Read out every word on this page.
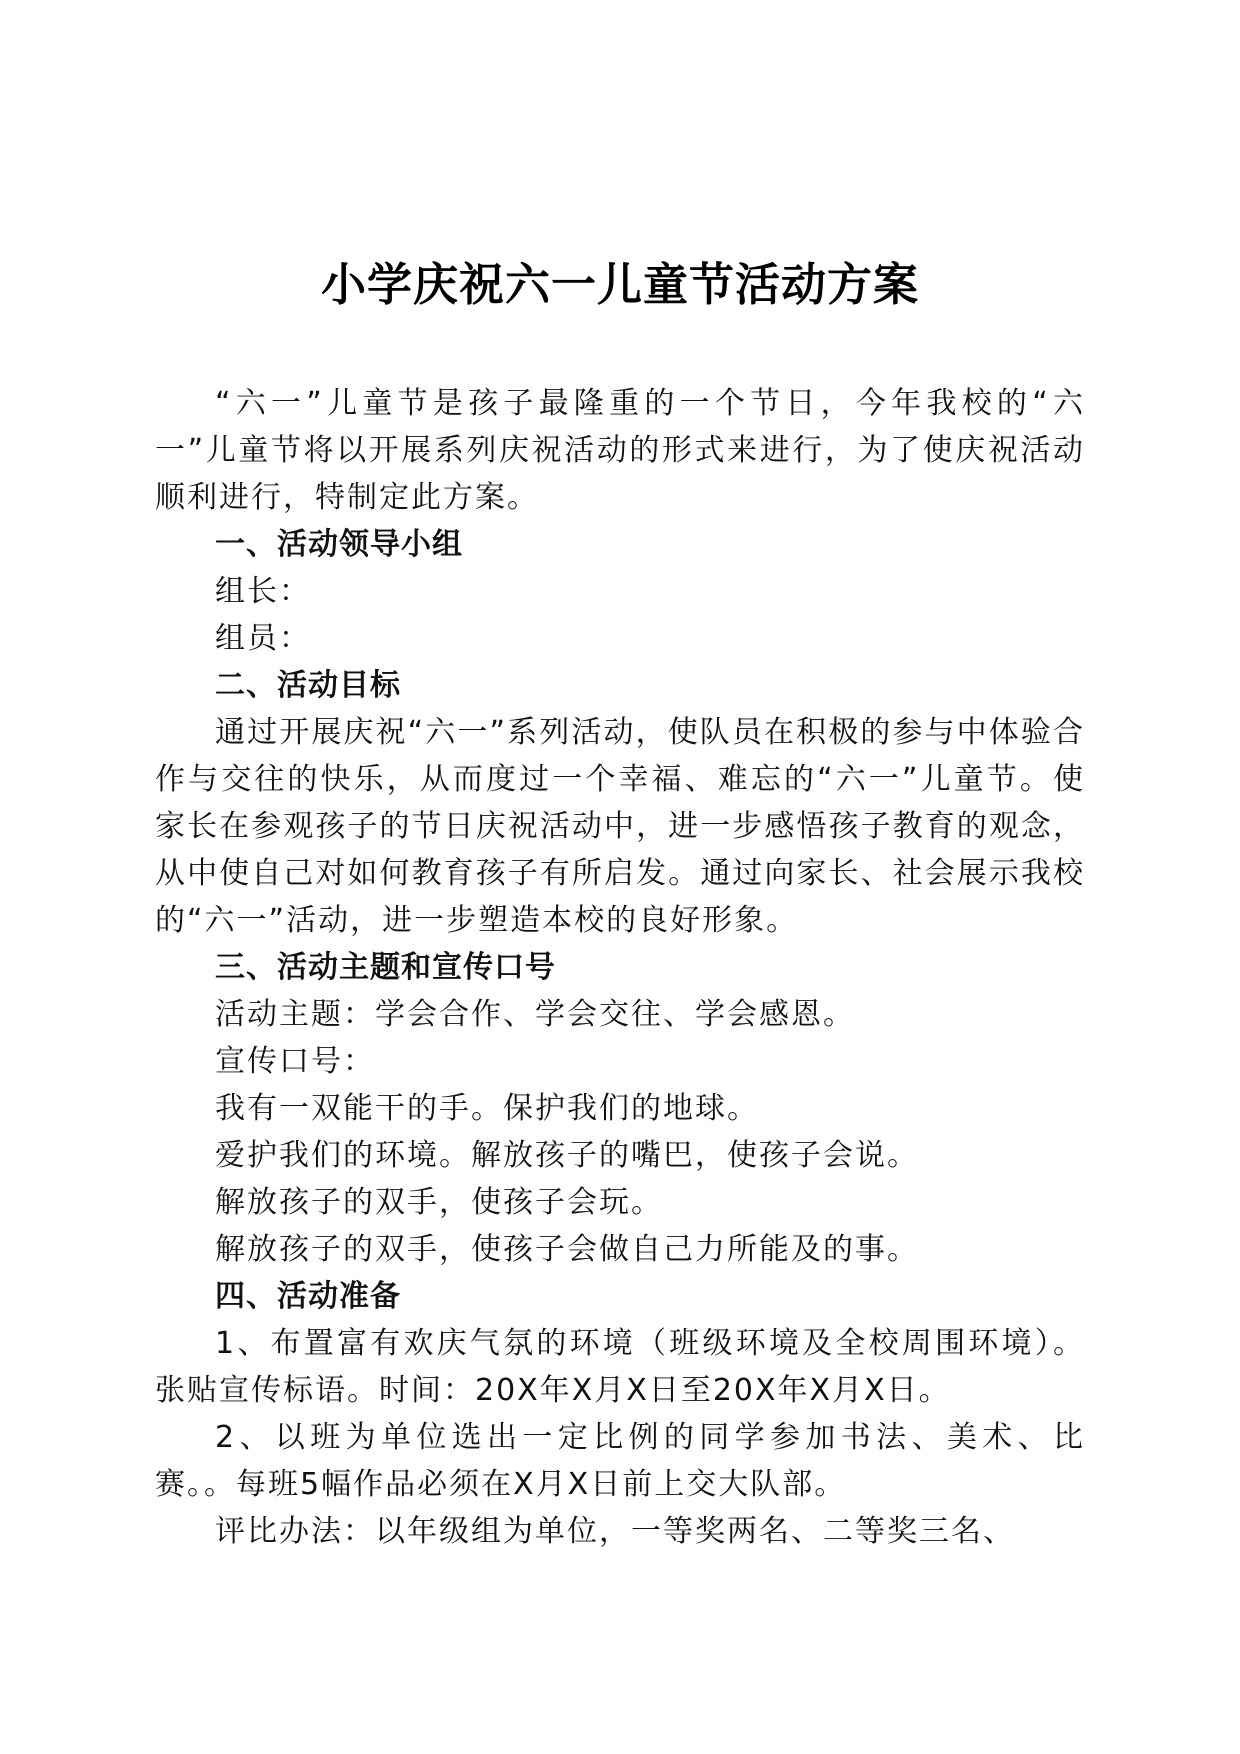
小学庆祝六一儿童节活动方案

“六一”儿童节是孩子最隆重的一个节日，今年我校的“六一”儿童节将以开展系列庆祝活动的形式来进行，为了使庆祝活动顺利进行，特制定此方案。

一、活动领导小组

组长：

组员：

二、活动目标

通过开展庆祝“六一”系列活动，使队员在积极的参与中体验合作与交往的快乐，从而度过一个幸福、难忘的“六一”儿童节。使家长在参观孩子的节日庆祝活动中，进一步感悟孩子教育的观念，从中使自己对如何教育孩子有所启发。通过向家长、社会展示我校的“六一”活动，进一步塑造本校的良好形象。

三、活动主题和宣传口号

活动主题：学会合作、学会交往、学会感恩。

宣传口号：

我有一双能干的手。保护我们的地球。

爱护我们的环境。解放孩子的嘴巴，使孩子会说。

解放孩子的双手，使孩子会玩。

解放孩子的双手，使孩子会做自己力所能及的事。

四、活动准备

1、布置富有欢庆气氛的环境（班级环境及全校周围环境）。张贴宣传标语。时间：20X年X月X日至20X年X月X日。

2、以班为单位选出一定比例的同学参加书法、美术、比赛。。每班5幅作品必须在X月X日前上交大队部。

评比办法：以年级组为单位，一等奖两名、二等奖三名、
